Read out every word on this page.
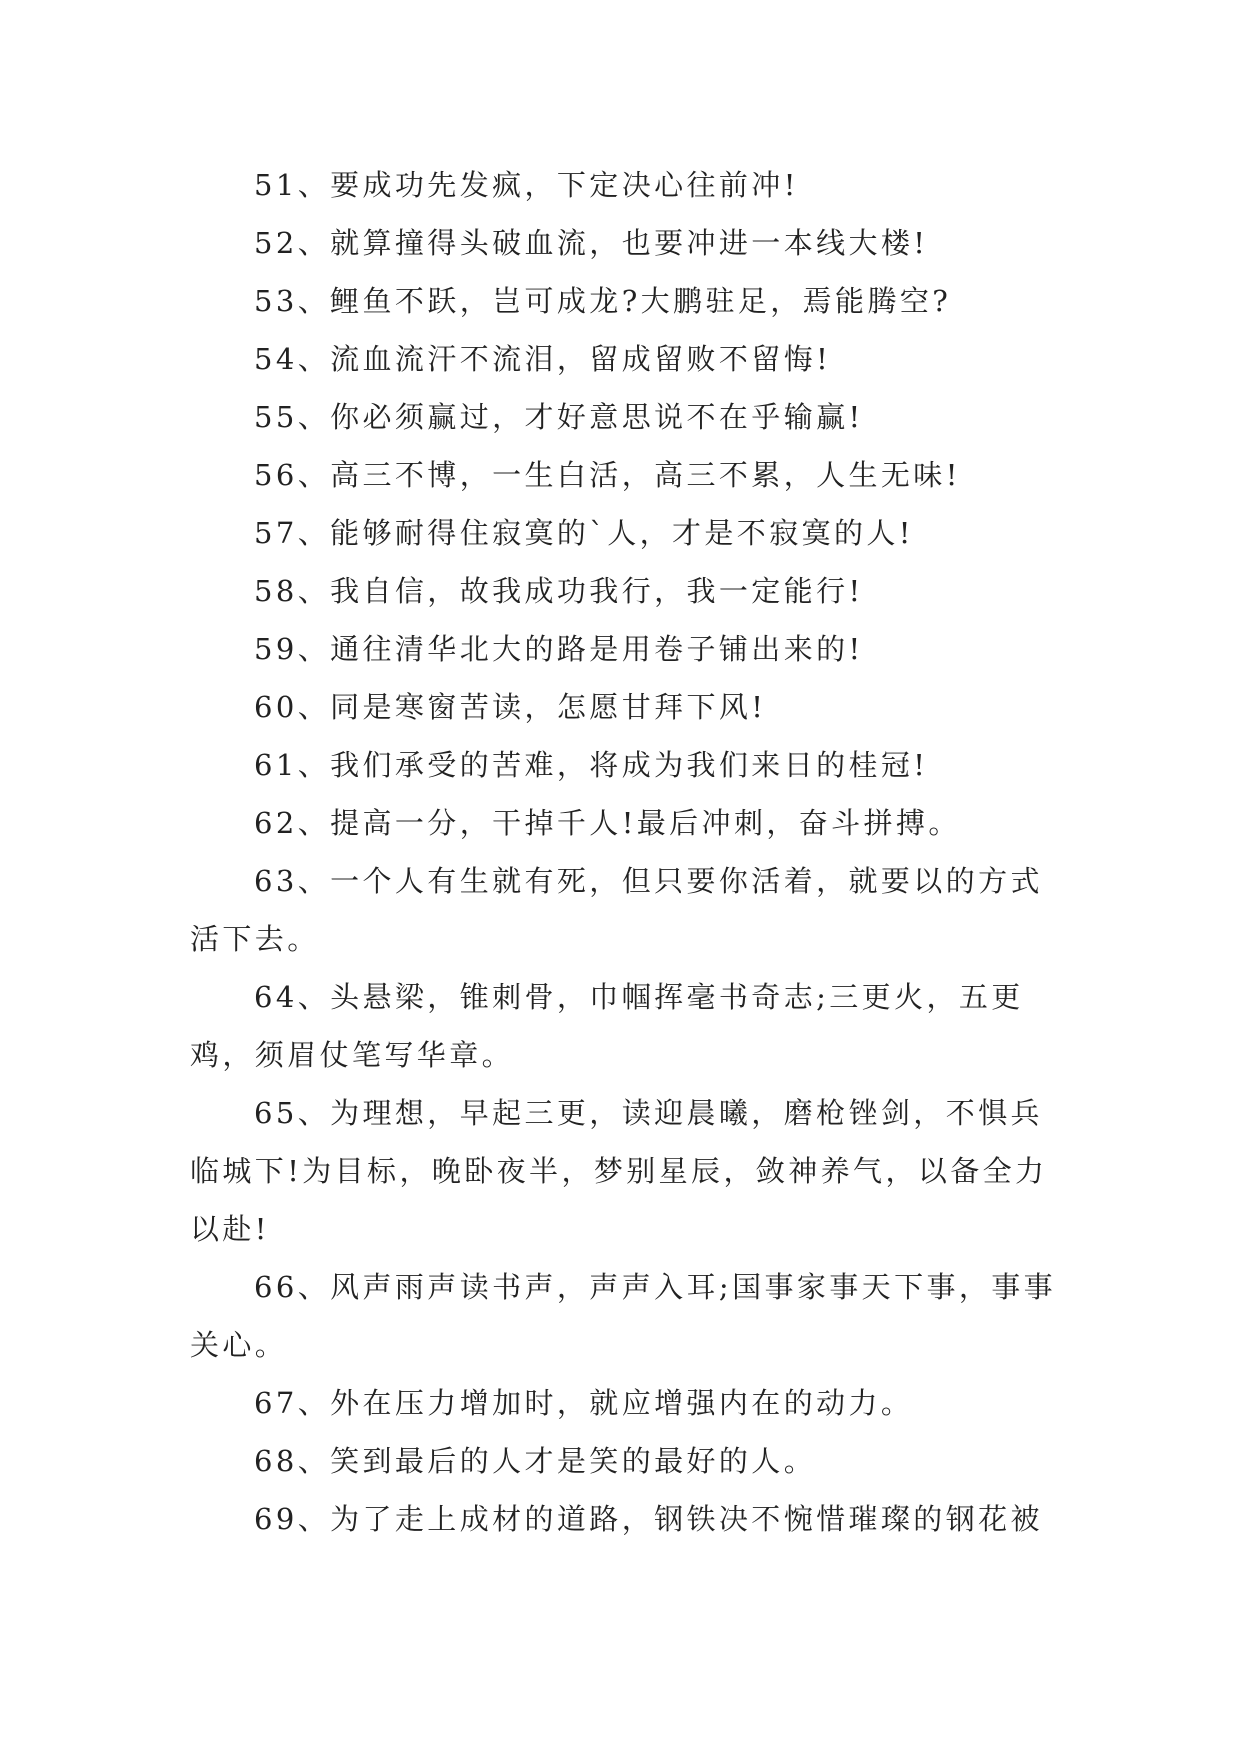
51、要成功先发疯，下定决心往前冲!

52、就算撞得头破血流，也要冲进一本线大楼!

53、鲤鱼不跃，岂可成龙?大鹏驻足，焉能腾空?

54、流血流汗不流泪，留成留败不留悔!

55、你必须赢过，才好意思说不在乎输赢!

56、高三不博，一生白活，高三不累，人生无味!

57、能够耐得住寂寞的`人，才是不寂寞的人!

58、我自信，故我成功我行，我一定能行!

59、通往清华北大的路是用卷子铺出来的!

60、同是寒窗苦读，怎愿甘拜下风!

61、我们承受的苦难，将成为我们来日的桂冠!

62、提高一分，干掉千人!最后冲刺，奋斗拼搏。

63、一个人有生就有死，但只要你活着，就要以的方式活下去。

64、头悬梁，锥刺骨，巾帼挥毫书奇志;三更火，五更鸡，须眉仗笔写华章。

65、为理想，早起三更，读迎晨曦，磨枪锉剑，不惧兵临城下!为目标，晚卧夜半，梦别星辰，敛神养气，以备全力以赴!

66、风声雨声读书声，声声入耳;国事家事天下事，事事关心。

67、外在压力增加时，就应增强内在的动力。

68、笑到最后的人才是笑的最好的人。

69、为了走上成材的道路，钢铁决不惋惜璀璨的钢花被
